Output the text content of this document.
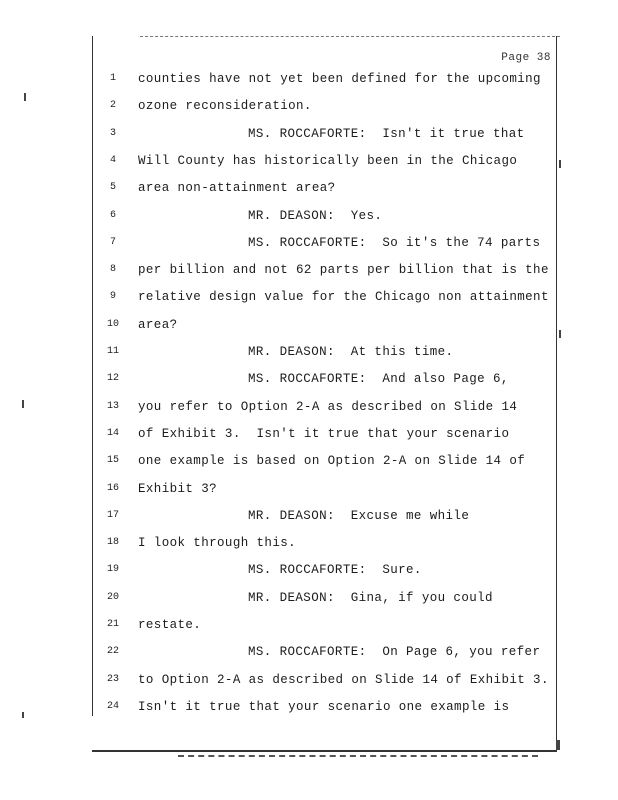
Page 38
1	counties have not yet been defined for the upcoming
2	ozone reconsideration.
3	MS. ROCCAFORTE:  Isn't it true that
4	Will County has historically been in the Chicago
5	area non-attainment area?
6	MR. DEASON:  Yes.
7	MS. ROCCAFORTE:  So it's the 74 parts
8	per billion and not 62 parts per billion that is the
9	relative design value for the Chicago non attainment
10	area?
11	MR. DEASON:  At this time.
12	MS. ROCCAFORTE:  And also Page 6,
13	you refer to Option 2-A as described on Slide 14
14	of Exhibit 3.  Isn't it true that your scenario
15	one example is based on Option 2-A on Slide 14 of
16	Exhibit 3?
17	MR. DEASON:  Excuse me while
18	I look through this.
19	MS. ROCCAFORTE:  Sure.
20	MR. DEASON:  Gina, if you could
21	restate.
22	MS. ROCCAFORTE:  On Page 6, you refer
23	to Option 2-A as described on Slide 14 of Exhibit 3.
24	Isn't it true that your scenario one example is
